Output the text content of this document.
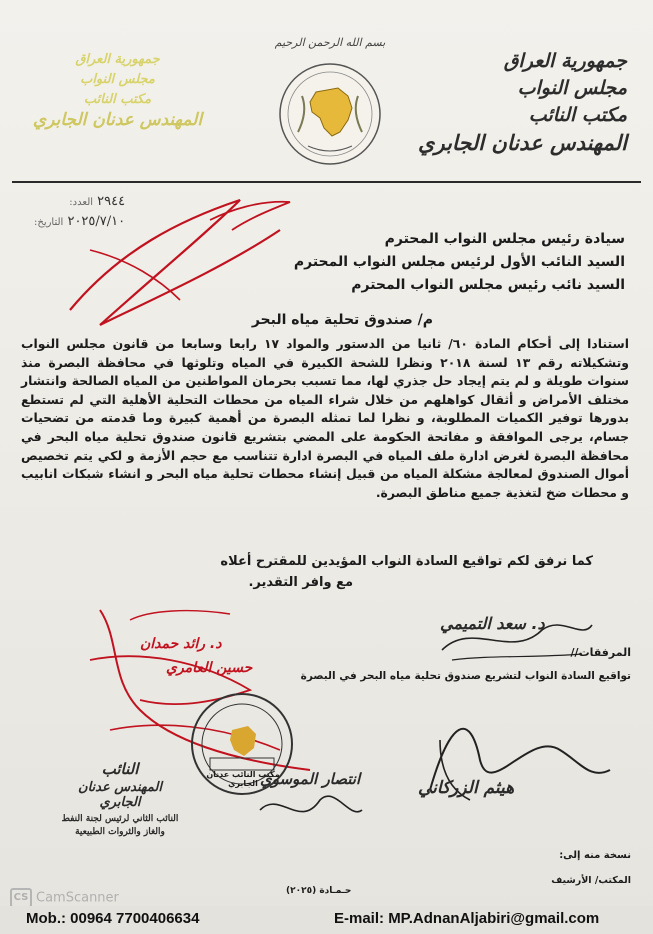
جمهورية العراق
مجلس النواب
مكتب النائب
المهندس عدنان الجابري
جمهورية العراق
مجلس النواب
مكتب النائب
المهندس عدنان الجابري
بسم الله الرحمن الرحيم
٢٩٤٤ العدد:
٢٠٢٥/٧/١٠ التاريخ:
سيادة رئيس مجلس النواب المحترم
السيد النائب الأول لرئيس مجلس النواب المحترم
السيد نائب رئيس مجلس النواب المحترم
م/ صندوق تحلية مياه البحر
استنادا إلى أحكام المادة ٦٠/ ثانيا من الدستور والمواد ١٧ رابعا وسابعا من قانون مجلس النواب وتشكيلاته رقم ١٣ لسنة ٢٠١٨ ونظرا للشحة الكبيرة في المياه وتلوثها في محافظة البصرة منذ سنوات طويلة و لم يتم إيجاد حل جذري لها، مما تسبب بحرمان المواطنين من المياه الصالحة وانتشار مختلف الأمراض و أثقال كواهلهم من خلال شراء المياه من محطات التحلية الأهلية التي لم تستطع بدورها توفير الكميات المطلوبة، و نظرا لما تمثله البصرة من أهمية كبيرة وما قدمته من تضحيات جسام، يرجى الموافقة و مفاتحة الحكومة على المضي بتشريع قانون صندوق تحلية مياه البحر في محافظة البصرة لغرض ادارة ملف المياه في البصرة ادارة تتناسب مع حجم الأزمة و لكي يتم تخصيص أموال الصندوق لمعالجة مشكلة المياه من قبيل إنشاء محطات تحلية مياه البحر و انشاء شبكات انابيب و محطات ضخ لتغذية جميع مناطق البصرة.
كما نرفق لكم تواقيع السادة النواب المؤيدين للمقترح أعلاه
مع وافر التقدير.
د. سعد التميمي
المرفقات//
تواقيع السادة النواب لتشريع صندوق تحلية مياه البحر في البصرة
د. رائد حمدان
حسين العامري
مكتب النائب عدنان الجابري	هيثم الزركاني
انتصار الموسوي
النائب
المهندس عدنان الجابري
النائب الثاني لرئيس لجنة النفط والغاز والثروات الطبيعية
نسخة منه إلى:
المكتب/ الأرشيف
حـمـادة (٢٠٢٥)
CS CamScanner
Mob.: 00964 7700406634	E-mail: MP.AdnanAljabiri@gmail.com
